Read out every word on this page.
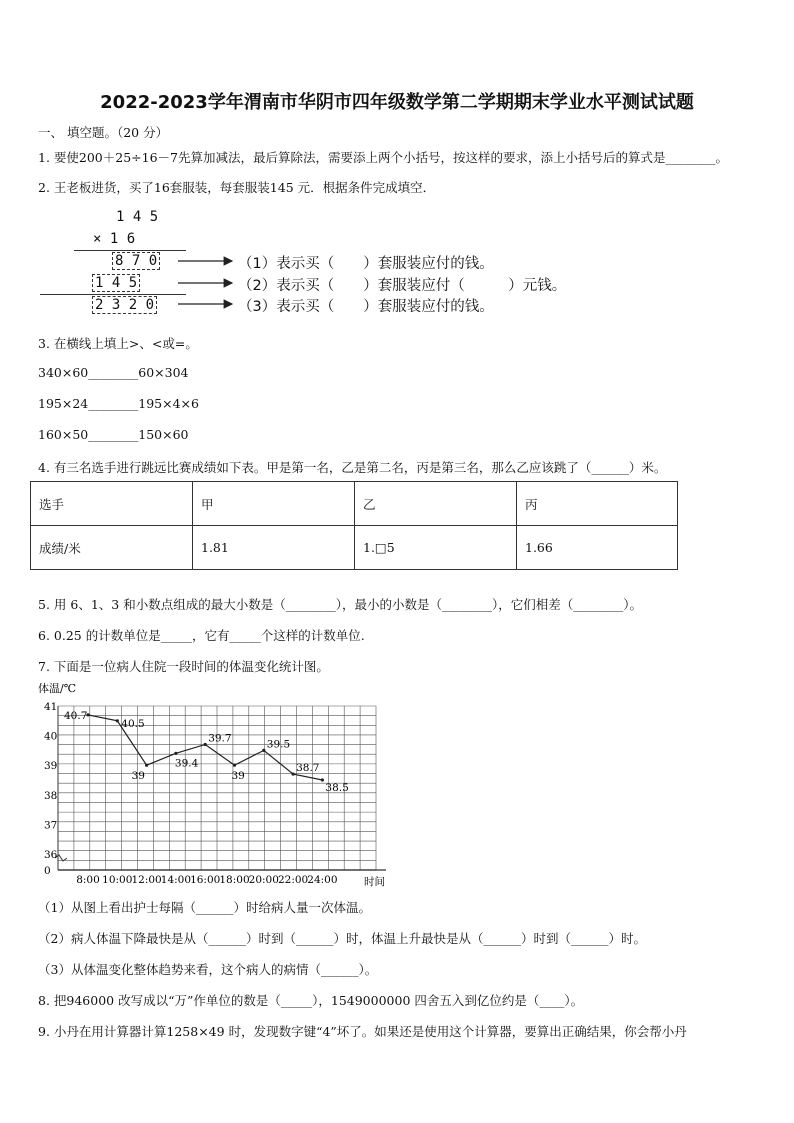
2022-2023学年渭南市华阴市四年级数学第二学期期末学业水平测试试题
一、 填空题。（20 分）
1. 要使200＋25÷16－7先算加减法，最后算除法，需要添上两个小括号，按这样的要求，添上小括号后的算式是________。
2. 王老板进货，买了16套服装，每套服装145 元．根据条件完成填空．
1 4 5
× 1 6
8 7 0
1 4 5
2 3 2 0
（1）表示买（　　）套服装应付的钱。
（2）表示买（　　）套服装应付（　　　）元钱。
（3）表示买（　　）套服装应付的钱。
3. 在横线上填上>、<或=。
340×60________60×304
195×24________195×4×6
160×50________150×60
4. 有三名选手进行跳远比赛成绩如下表。甲是第一名，乙是第二名，丙是第三名，那么乙应该跳了（______）米。
选手	甲	乙	丙
成绩/米	1.81	1.□5	1.66
5. 用 6、1、3 和小数点组成的最大小数是（________），最小的小数是（________），它们相差（________）。
6. 0.25 的计数单位是_____，它有_____个这样的计数单位.
7. 下面是一位病人住院一段时间的体温变化统计图。
体温/℃
时间
41
40
39
38
37
36
0
8:00 10:00 12:00 14:00 16:00 18:00 20:00 22:00 24:00
40.7
40.5
39
39.4
39.7
39
39.5
38.7
38.5
（1）从图上看出护士每隔（______）时给病人量一次体温。
（2）病人体温下降最快是从（______）时到（______）时，体温上升最快是从（______）时到（______）时。
（3）从体温变化整体趋势来看，这个病人的病情（______）。
8. 把946000 改写成以“万”作单位的数是（_____），1549000000 四舍五入到亿位约是（____）。
9. 小丹在用计算器计算1258×49 时，发现数字键“4”坏了。如果还是使用这个计算器，要算出正确结果，你会帮小丹
